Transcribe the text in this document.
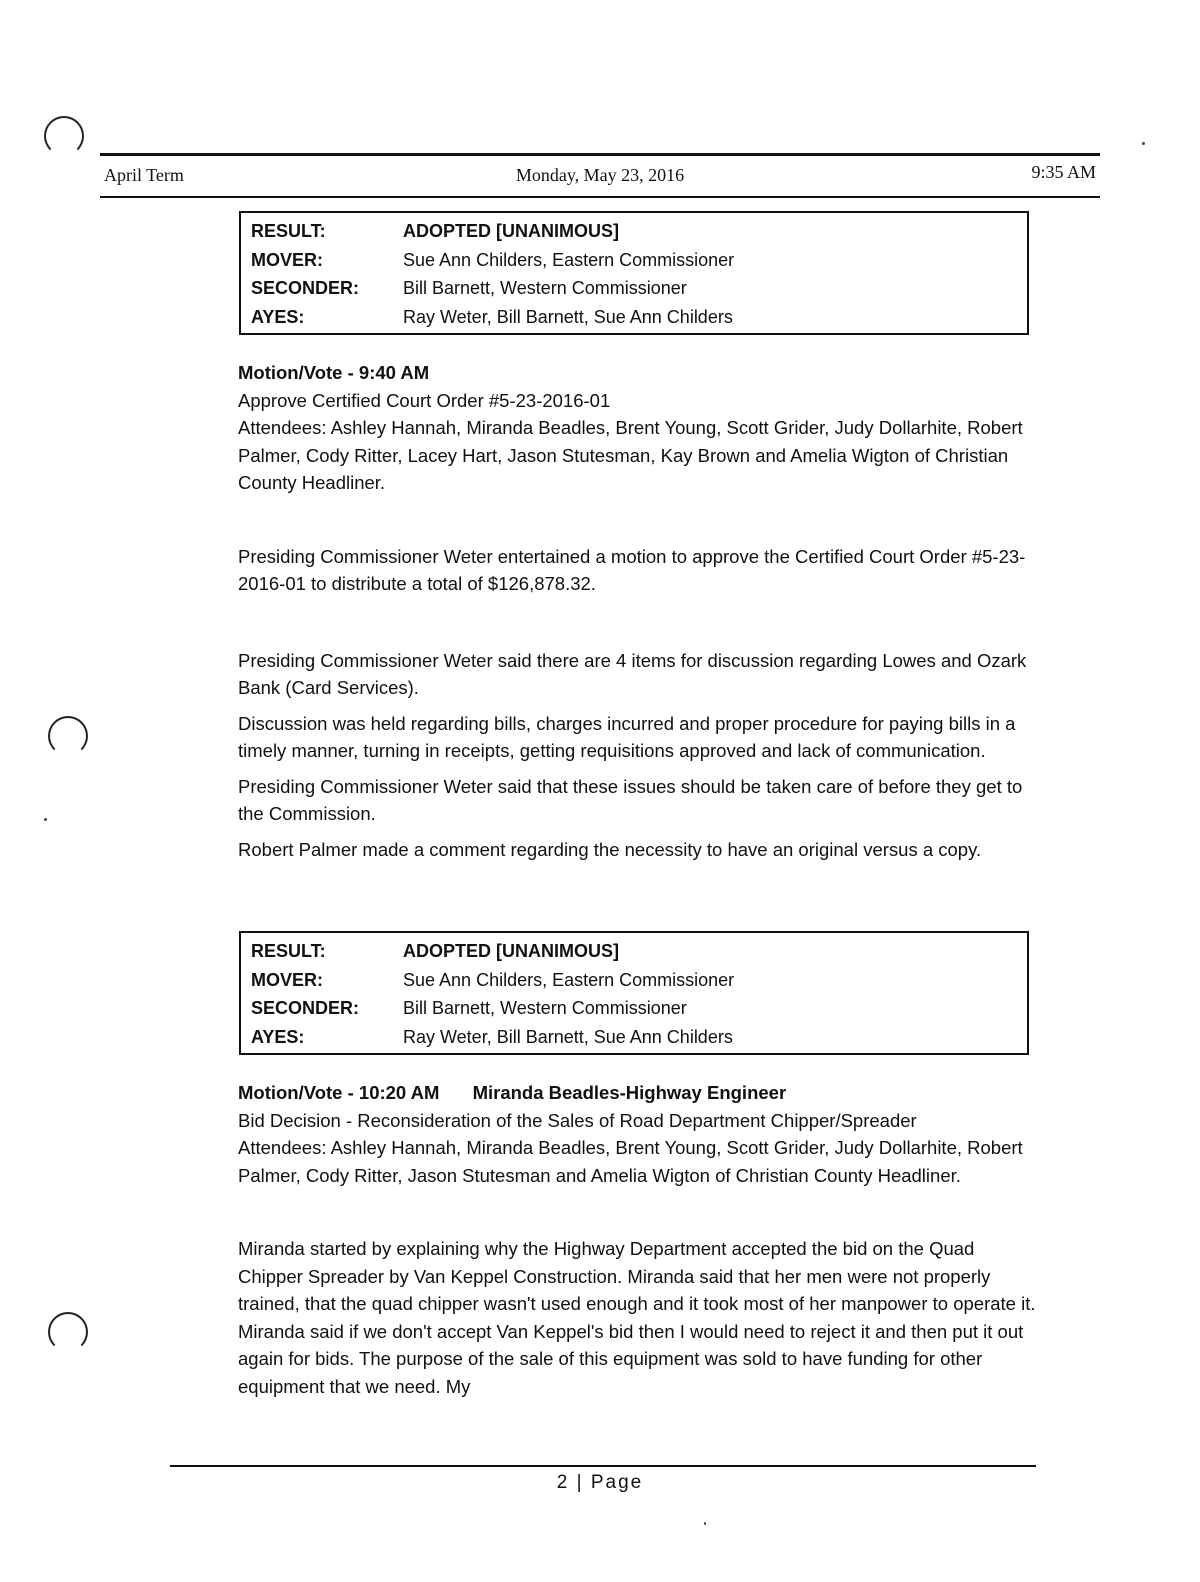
April Term	Monday, May 23, 2016	9:35 AM
RESULT:	ADOPTED [UNANIMOUS]
MOVER:	Sue Ann Childers, Eastern Commissioner
SECONDER:	Bill Barnett, Western Commissioner
AYES:	Ray Weter, Bill Barnett, Sue Ann Childers

Motion/Vote - 9:40 AM

Approve Certified Court Order #5-23-2016-01

Attendees: Ashley Hannah, Miranda Beadles, Brent Young, Scott Grider, Judy Dollarhite, Robert Palmer, Cody Ritter, Lacey Hart, Jason Stutesman, Kay Brown and Amelia Wigton of Christian County Headliner.

Presiding Commissioner Weter entertained a motion to approve the Certified Court Order #5-23-2016-01 to distribute a total of $126,878.32.

Presiding Commissioner Weter said there are 4 items for discussion regarding Lowes and Ozark Bank (Card Services).

Discussion was held regarding bills, charges incurred and proper procedure for paying bills in a timely manner, turning in receipts, getting requisitions approved and lack of communication.

Presiding Commissioner Weter said that these issues should be taken care of before they get to the Commission.

Robert Palmer made a comment regarding the necessity to have an original versus a copy.

RESULT:	ADOPTED [UNANIMOUS]
MOVER:	Sue Ann Childers, Eastern Commissioner
SECONDER:	Bill Barnett, Western Commissioner
AYES:	Ray Weter, Bill Barnett, Sue Ann Childers

Motion/Vote - 10:20 AM Miranda Beadles-Highway Engineer

Bid Decision - Reconsideration of the Sales of Road Department Chipper/Spreader

Attendees: Ashley Hannah, Miranda Beadles, Brent Young, Scott Grider, Judy Dollarhite, Robert Palmer, Cody Ritter, Jason Stutesman and Amelia Wigton of Christian County Headliner.

Miranda started by explaining why the Highway Department accepted the bid on the Quad Chipper Spreader by Van Keppel Construction. Miranda said that her men were not properly trained, that the quad chipper wasn't used enough and it took most of her manpower to operate it. Miranda said if we don't accept Van Keppel's bid then I would need to reject it and then put it out again for bids. The purpose of the sale of this equipment was sold to have funding for other equipment that we need. My

2 | Page
